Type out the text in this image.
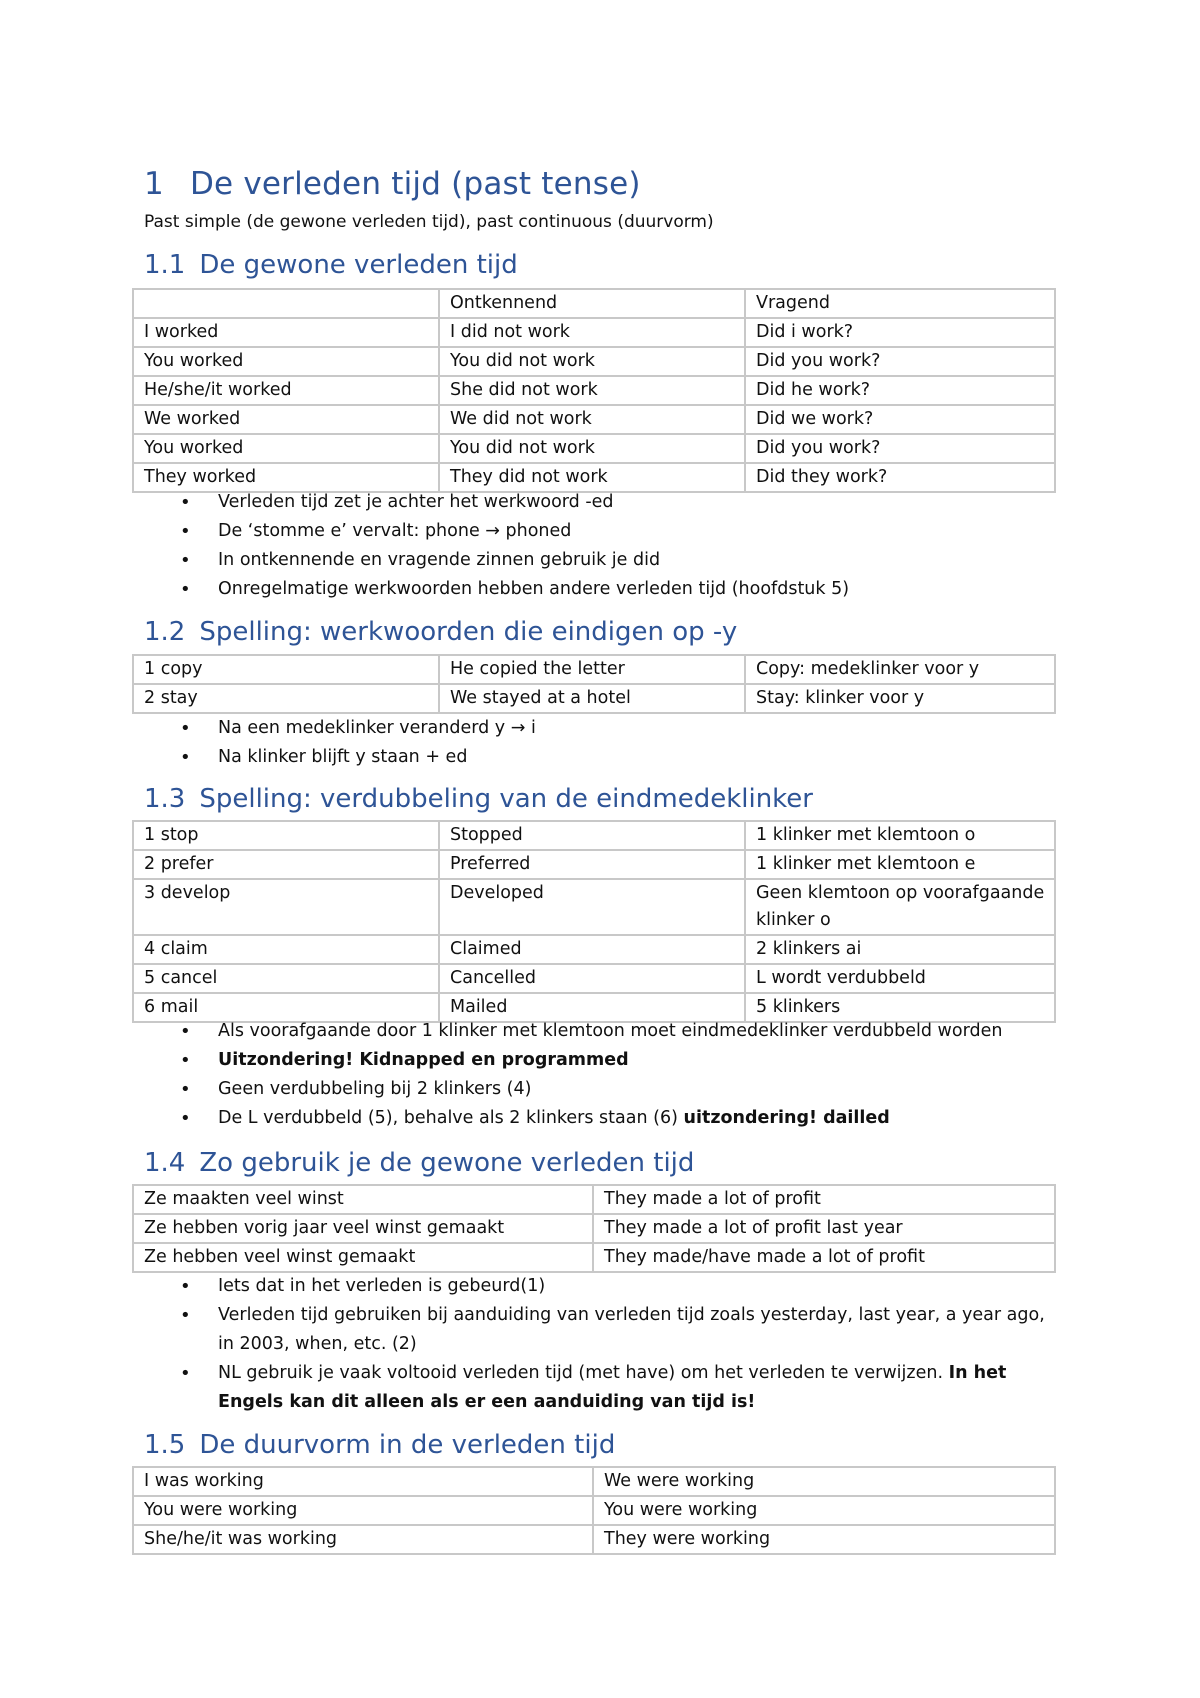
1 De verleden tijd (past tense)

Past simple (de gewone verleden tijd), past continuous (duurvorm)

1.1 De gewone verleden tijd
	Ontkennend	Vragend
I worked	I did not work	Did i work?
You worked	You did not work	Did you work?
He/she/it worked	She did not work	Did he work?
We worked	We did not work	Did we work?
You worked	You did not work	Did you work?
They worked	They did not work	Did they work?
• Verleden tijd zet je achter het werkwoord -ed
• De ‘stomme e’ vervalt: phone → phoned
• In ontkennende en vragende zinnen gebruik je did
• Onregelmatige werkwoorden hebben andere verleden tijd (hoofdstuk 5)
1.2 Spelling: werkwoorden die eindigen op -y
1 copy	He copied the letter	Copy: medeklinker voor y
2 stay	We stayed at a hotel	Stay: klinker voor y
• Na een medeklinker veranderd y → i
• Na klinker blijft y staan + ed
1.3 Spelling: verdubbeling van de eindmedeklinker
1 stop	Stopped	1 klinker met klemtoon o
2 prefer	Preferred	1 klinker met klemtoon e
3 develop	Developed	Geen klemtoon op voorafgaande klinker o
4 claim	Claimed	2 klinkers ai
5 cancel	Cancelled	L wordt verdubbeld
6 mail	Mailed	5 klinkers
• Als voorafgaande door 1 klinker met klemtoon moet eindmedeklinker verdubbeld worden
• Uitzondering! Kidnapped en programmed
• Geen verdubbeling bij 2 klinkers (4)
• De L verdubbeld (5), behalve als 2 klinkers staan (6) uitzondering! dailled
1.4 Zo gebruik je de gewone verleden tijd
Ze maakten veel winst	They made a lot of profit
Ze hebben vorig jaar veel winst gemaakt	They made a lot of profit last year
Ze hebben veel winst gemaakt	They made/have made a lot of profit
• Iets dat in het verleden is gebeurd(1)
• Verleden tijd gebruiken bij aanduiding van verleden tijd zoals yesterday, last year, a year ago, in 2003, when, etc. (2)
• NL gebruik je vaak voltooid verleden tijd (met have) om het verleden te verwijzen. In het Engels kan dit alleen als er een aanduiding van tijd is!
1.5 De duurvorm in de verleden tijd
I was working	We were working
You were working	You were working
She/he/it was working	They were working
